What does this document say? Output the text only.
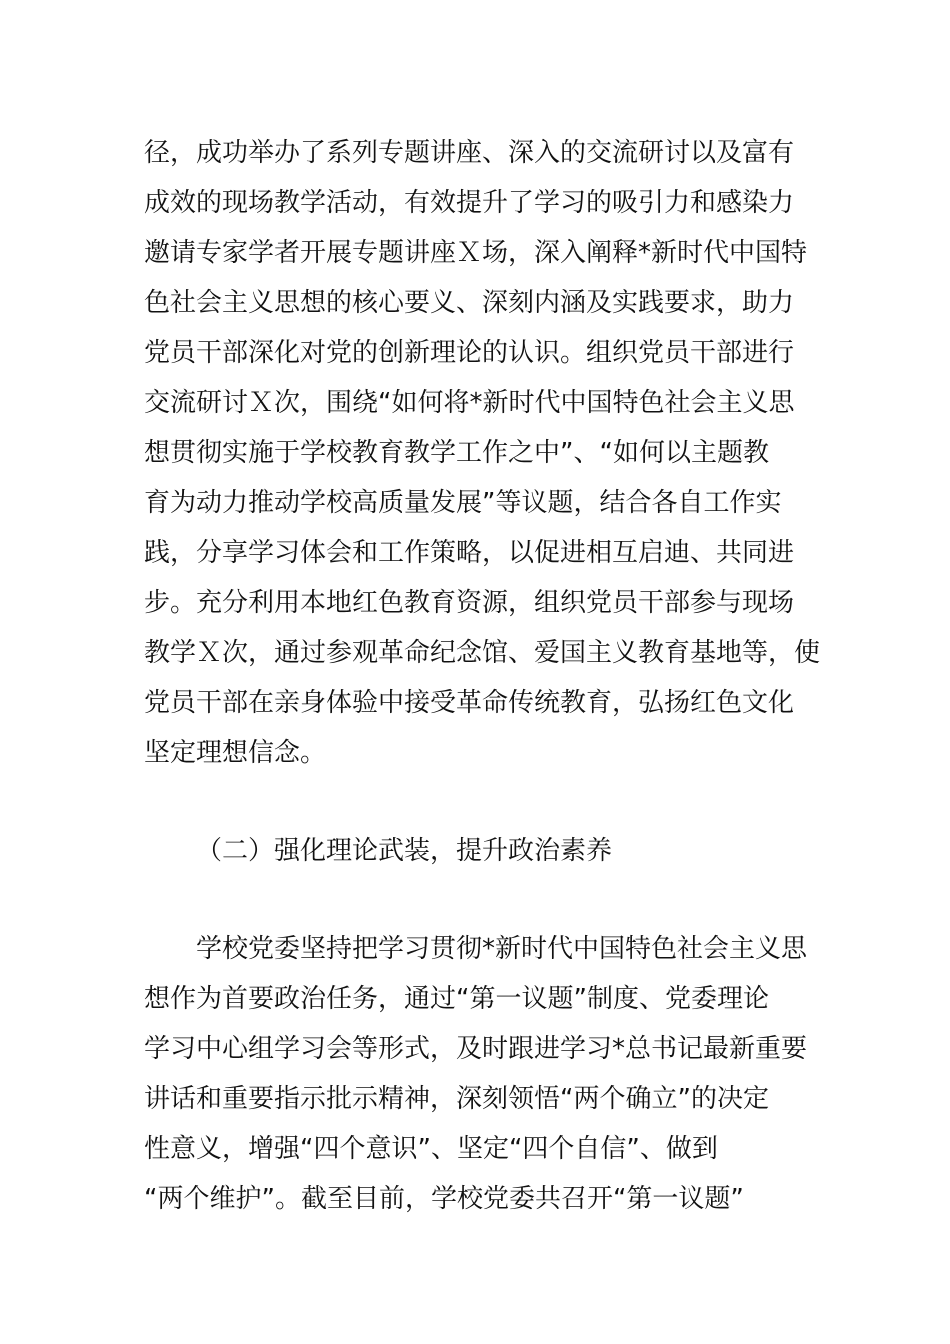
径，成功举办了系列专题讲座、深入的交流研讨以及富有
成效的现场教学活动，有效提升了学习的吸引力和感染力
邀请专家学者开展专题讲座Ｘ场，深入阐释*新时代中国特
色社会主义思想的核心要义、深刻内涵及实践要求，助力
党员干部深化对党的创新理论的认识。组织党员干部进行
交流研讨Ｘ次，围绕“如何将*新时代中国特色社会主义思
想贯彻实施于学校教育教学工作之中”、“如何以主题教
育为动力推动学校高质量发展”等议题，结合各自工作实
践，分享学习体会和工作策略，以促进相互启迪、共同进
步。充分利用本地红色教育资源，组织党员干部参与现场
教学Ｘ次，通过参观革命纪念馆、爱国主义教育基地等，使
党员干部在亲身体验中接受革命传统教育，弘扬红色文化
坚定理想信念。
（二）强化理论武装，提升政治素养
学校党委坚持把学习贯彻*新时代中国特色社会主义思
想作为首要政治任务，通过“第一议题”制度、党委理论
学习中心组学习会等形式，及时跟进学习*总书记最新重要
讲话和重要指示批示精神，深刻领悟“两个确立”的决定
性意义，增强“四个意识”、坚定“四个自信”、做到
“两个维护”。截至目前，学校党委共召开“第一议题”
